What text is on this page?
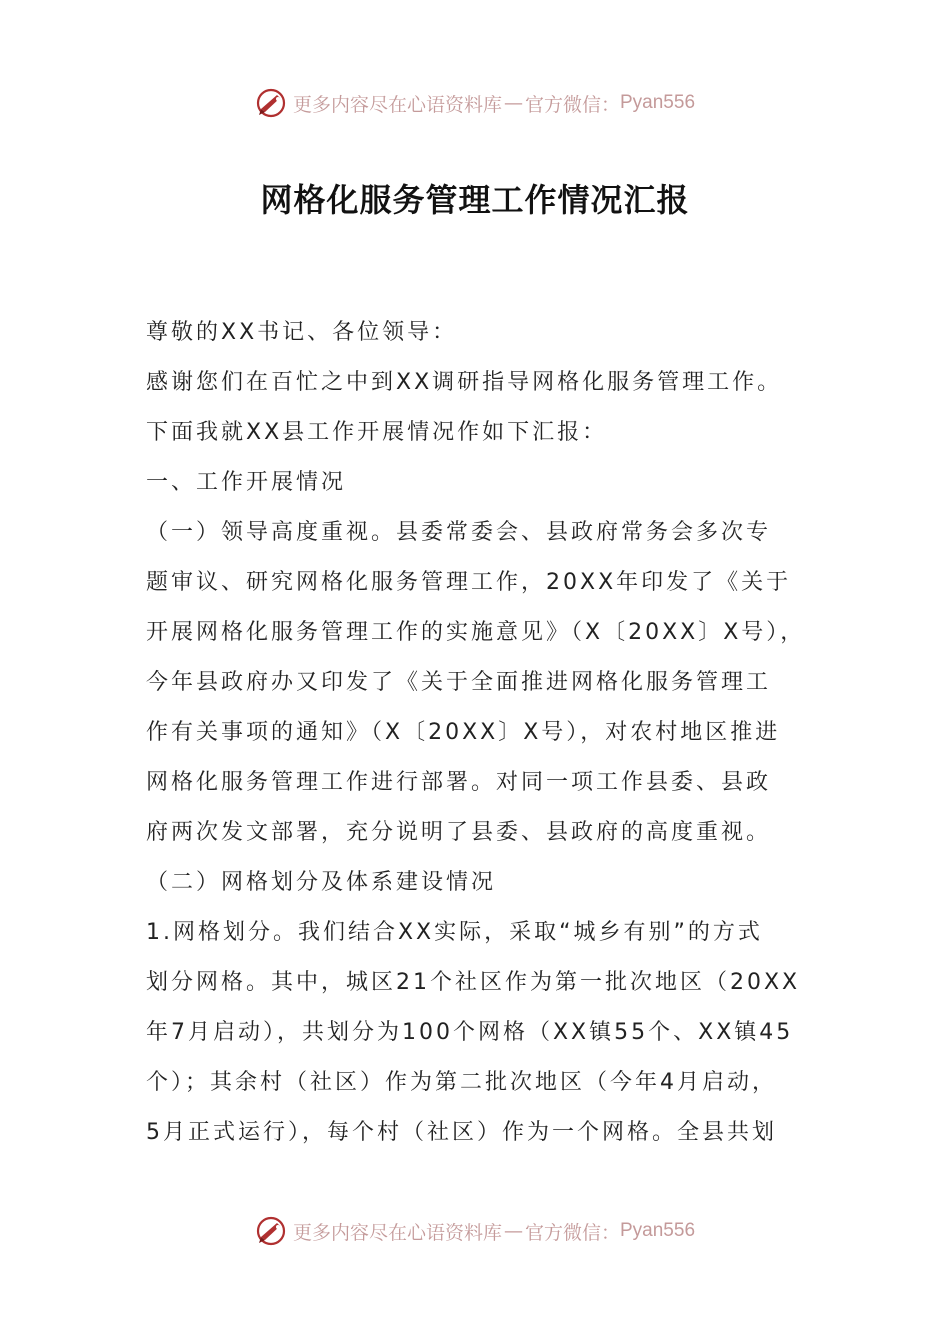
更多内容尽在心语资料库 — 官方微信： Pyan556
网格化服务管理工作情况汇报

尊敬的XX书记、各位领导：

感谢您们在百忙之中到XX调研指导网格化服务管理工作。

下面我就XX县工作开展情况作如下汇报：

一、工作开展情况

（一）领导高度重视。县委常委会、县政府常务会多次专

题审议、研究网格化服务管理工作，20XX年印发了《关于

开展网格化服务管理工作的实施意见》（X〔20XX〕X号），

今年县政府办又印发了《关于全面推进网格化服务管理工

作有关事项的通知》（X〔20XX〕X号），对农村地区推进

网格化服务管理工作进行部署。对同一项工作县委、县政

府两次发文部署，充分说明了县委、县政府的高度重视。

（二）网格划分及体系建设情况

1.网格划分。我们结合XX实际，采取“城乡有别”的方式

划分网格。其中，城区21个社区作为第一批次地区（20XX

年7月启动），共划分为100个网格（XX镇55个、XX镇45

个）；其余村（社区）作为第二批次地区（今年4月启动，

5月正式运行），每个村（社区）作为一个网格。全县共划

更多内容尽在心语资料库 — 官方微信： Pyan556
